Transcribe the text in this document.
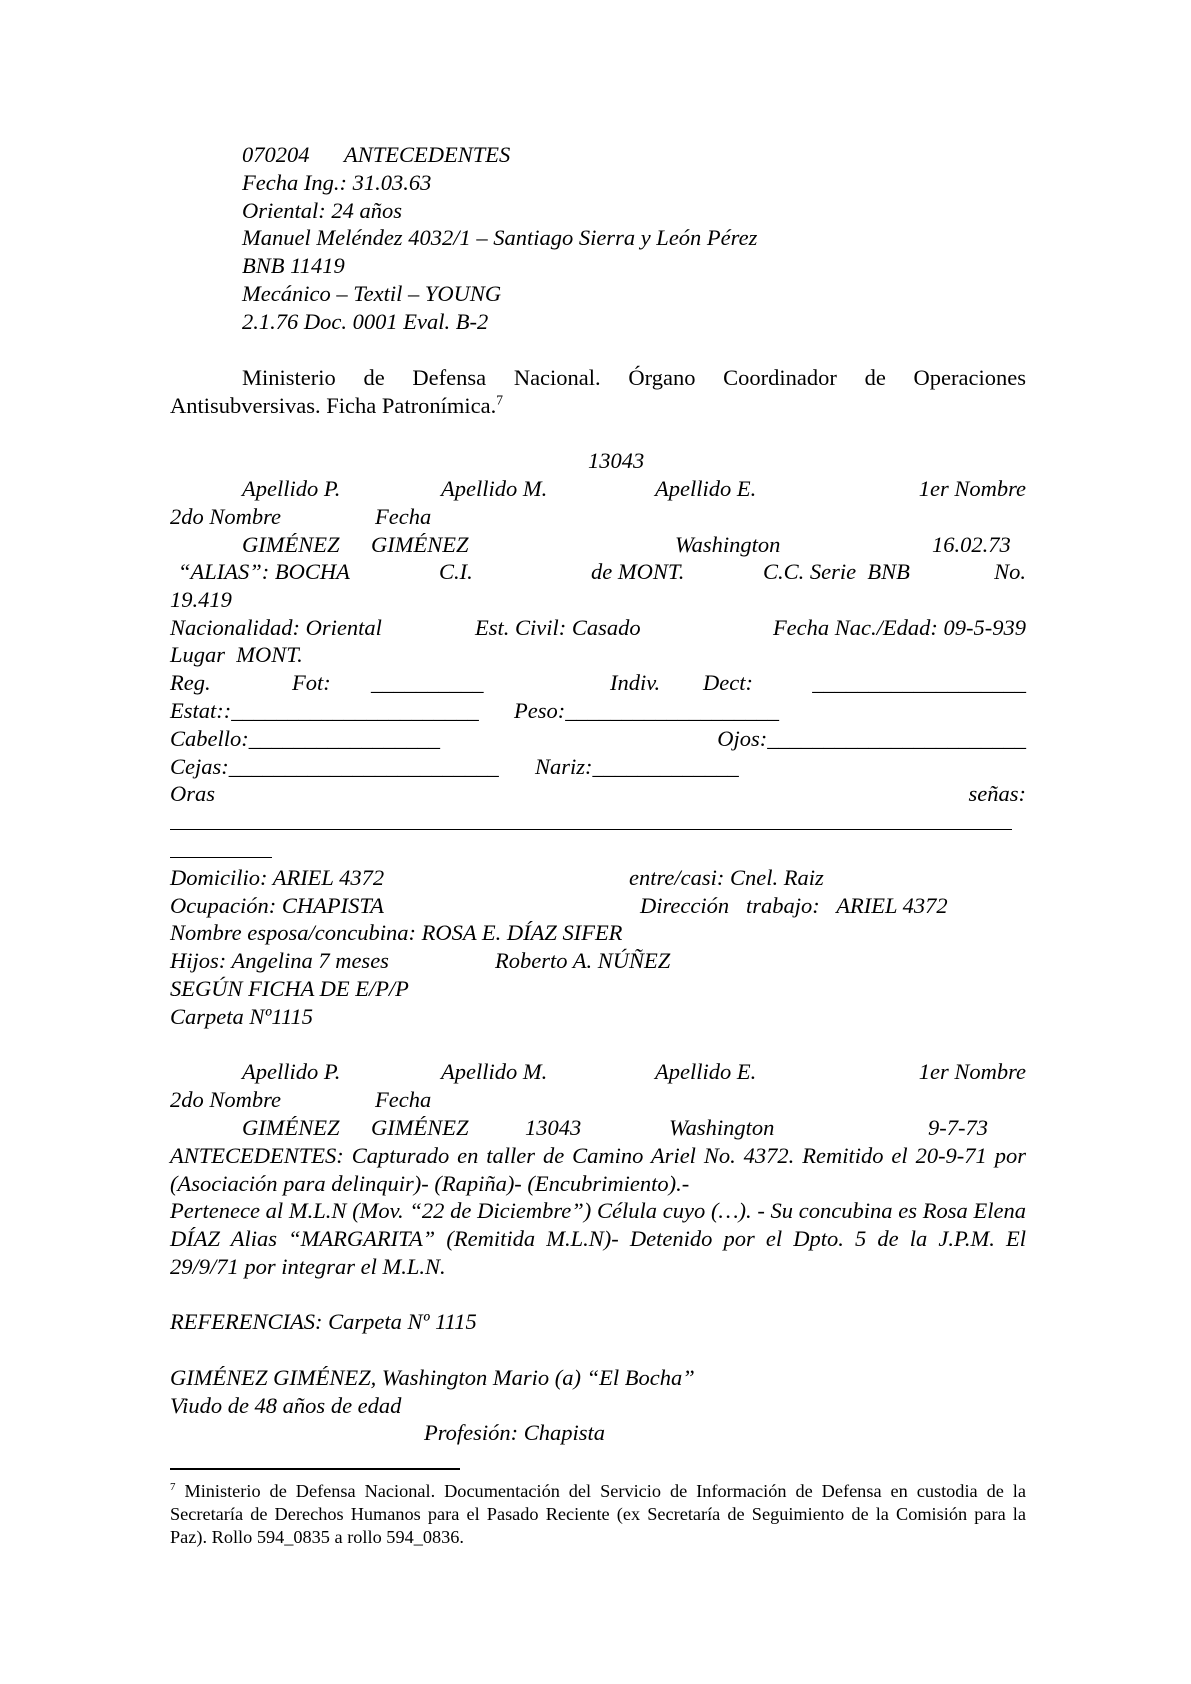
070204 ANTECEDENTES
Fecha Ing.: 31.03.63
Oriental: 24 años
Manuel Meléndez 4032/1 – Santiago Sierra y León Pérez
BNB 11419
Mecánico – Textil – YOUNG
2.1.76 Doc. 0001 Eval. B-2
Ministerio de Defensa Nacional. Órgano Coordinador de Operaciones Antisubversivas. Ficha Patronímica.$^7$
13043
Apellido P.	Apellido M.	Apellido E.	1er Nombre
2do Nombre	Fecha
GIMÉNEZ GIMÉNEZ	Washington	16.02.73
“ALIAS”: BOCHA	C.I.	de MONT.	C.C. Serie  BNB	No.
19.419
Nacionalidad: Oriental	Est. Civil: Casado	Fecha Nac./Edad: 09-5-939
Lugar  MONT.
Reg.	Fot: __________	Indiv. Dect:	___________________
Estat::______________________ Peso:___________________
Cabello:_________________	Ojos:_______________________
Cejas:________________________ Nariz:_____________
Oras	señas:
Domicilio: ARIEL 4372	entre/casi: Cnel. Raiz
Ocupación: CHAPISTA	Dirección   trabajo:   ARIEL 4372
Nombre esposa/concubina: ROSA E. DÍAZ SIFER
Hijos: Angelina 7 meses	Roberto A. NÚÑEZ
SEGÚN FICHA DE E/P/P
Carpeta Nº1115
Apellido P.	Apellido M.	Apellido E.	1er Nombre
2do Nombre	Fecha
GIMÉNEZ GIMÉNEZ	13043	Washington	9-7-73
ANTECEDENTES: Capturado en taller de Camino Ariel No. 4372. Remitido el 20-9-71 por (Asociación para delinquir)- (Rapiña)- (Encubrimiento).-
Pertenece al M.L.N (Mov. “22 de Diciembre”) Célula cuyo (…). - Su concubina es Rosa Elena DÍAZ Alias “MARGARITA” (Remitida M.L.N)- Detenido por el Dpto. 5 de la J.P.M. El 29/9/71 por integrar el M.L.N.
REFERENCIAS: Carpeta Nº 1115
GIMÉNEZ GIMÉNEZ, Washington Mario (a) “El Bocha”
Viudo de 48 años de edad
Profesión: Chapista
$^7$ Ministerio de Defensa Nacional. Documentación del Servicio de Información de Defensa en custodia de la Secretaría de Derechos Humanos para el Pasado Reciente (ex Secretaría de Seguimiento de la Comisión para la Paz). Rollo 594_0835 a rollo 594_0836.
